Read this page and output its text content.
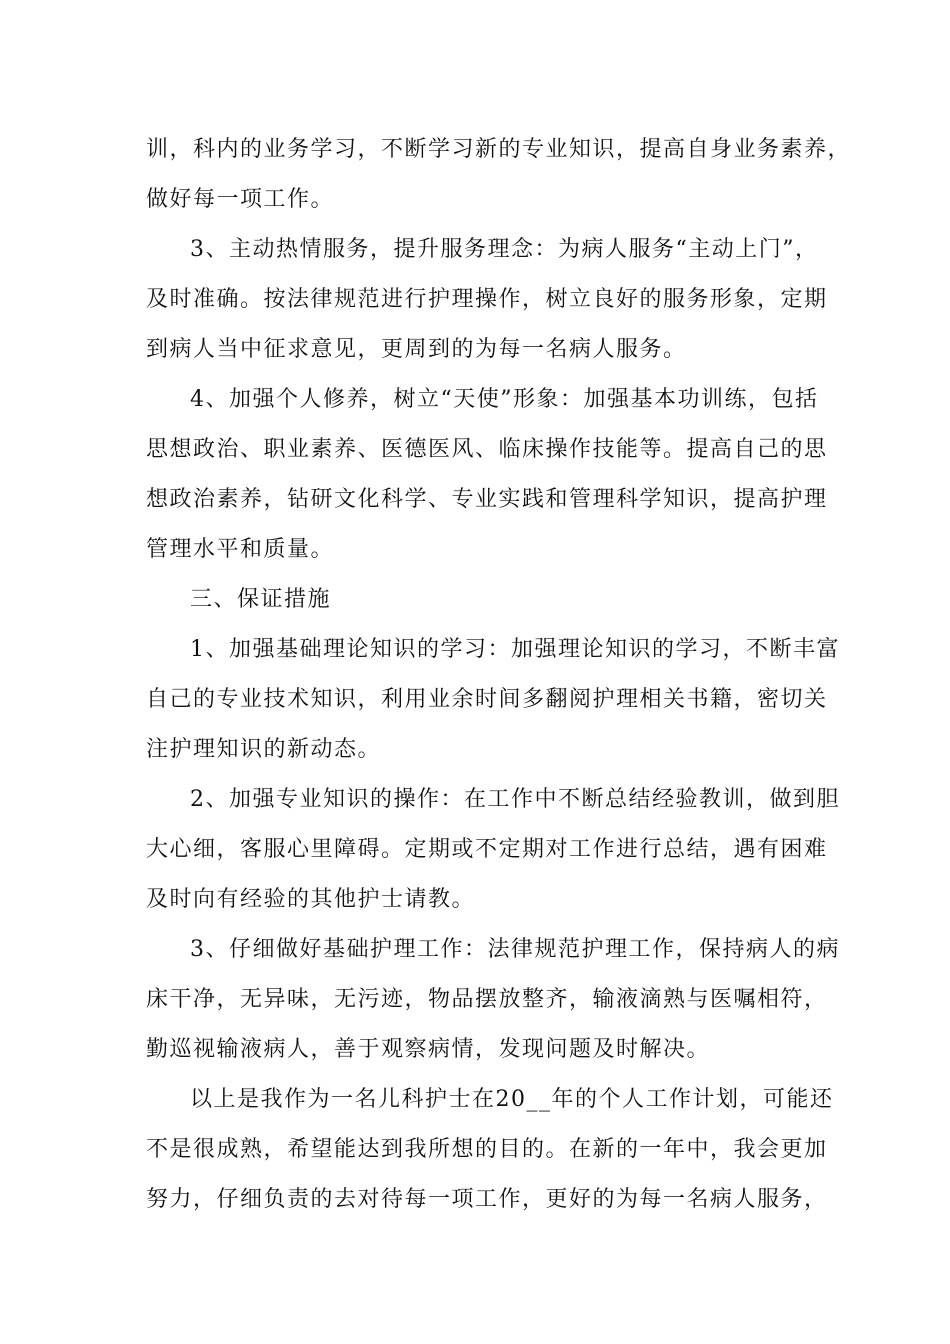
训，科内的业务学习，不断学习新的专业知识，提高自身业务素养，
做好每一项工作。
3、主动热情服务，提升服务理念：为病人服务“主动上门”，
及时准确。按法律规范进行护理操作，树立良好的服务形象，定期
到病人当中征求意见，更周到的为每一名病人服务。
4、加强个人修养，树立“天使”形象：加强基本功训练，包括
思想政治、职业素养、医德医风、临床操作技能等。提高自己的思
想政治素养，钻研文化科学、专业实践和管理科学知识，提高护理
管理水平和质量。
三、保证措施
1、加强基础理论知识的学习：加强理论知识的学习，不断丰富
自己的专业技术知识，利用业余时间多翻阅护理相关书籍，密切关
注护理知识的新动态。
2、加强专业知识的操作：在工作中不断总结经验教训，做到胆
大心细，客服心里障碍。定期或不定期对工作进行总结，遇有困难
及时向有经验的其他护士请教。
3、仔细做好基础护理工作：法律规范护理工作，保持病人的病
床干净，无异味，无污迹，物品摆放整齐，输液滴熟与医嘱相符，
勤巡视输液病人，善于观察病情，发现问题及时解决。
以上是我作为一名儿科护士在20__年的个人工作计划，可能还
不是很成熟，希望能达到我所想的目的。在新的一年中，我会更加
努力，仔细负责的去对待每一项工作，更好的为每一名病人服务，
